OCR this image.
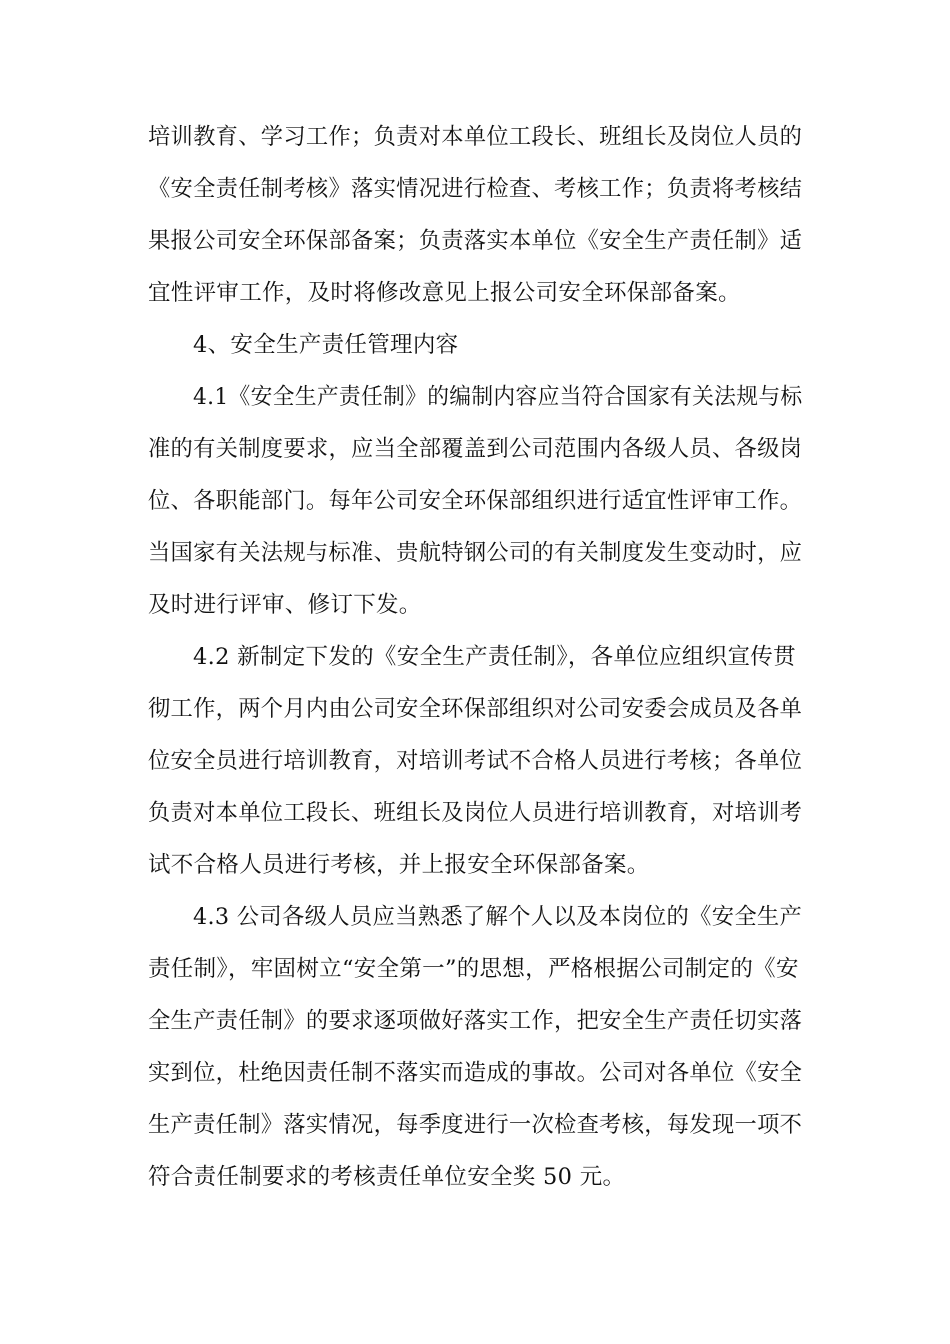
培训教育、学习工作；负责对本单位工段长、班组长及岗位人员的

《安全责任制考核》落实情况进行检查、考核工作；负责将考核结

果报公司安全环保部备案；负责落实本单位《安全生产责任制》适

宜性评审工作，及时将修改意见上报公司安全环保部备案。

4、安全生产责任管理内容

4.1《安全生产责任制》的编制内容应当符合国家有关法规与标

准的有关制度要求，应当全部覆盖到公司范围内各级人员、各级岗

位、各职能部门。每年公司安全环保部组织进行适宜性评审工作。

当国家有关法规与标准、贵航特钢公司的有关制度发生变动时，应

及时进行评审、修订下发。

4.2 新制定下发的《安全生产责任制》，各单位应组织宣传贯

彻工作，两个月内由公司安全环保部组织对公司安委会成员及各单

位安全员进行培训教育，对培训考试不合格人员进行考核；各单位

负责对本单位工段长、班组长及岗位人员进行培训教育，对培训考

试不合格人员进行考核，并上报安全环保部备案。

4.3 公司各级人员应当熟悉了解个人以及本岗位的《安全生产

责任制》，牢固树立“安全第一”的思想，严格根据公司制定的《安

全生产责任制》的要求逐项做好落实工作，把安全生产责任切实落

实到位，杜绝因责任制不落实而造成的事故。公司对各单位《安全

生产责任制》落实情况，每季度进行一次检查考核，每发现一项不

符合责任制要求的考核责任单位安全奖 50 元。
